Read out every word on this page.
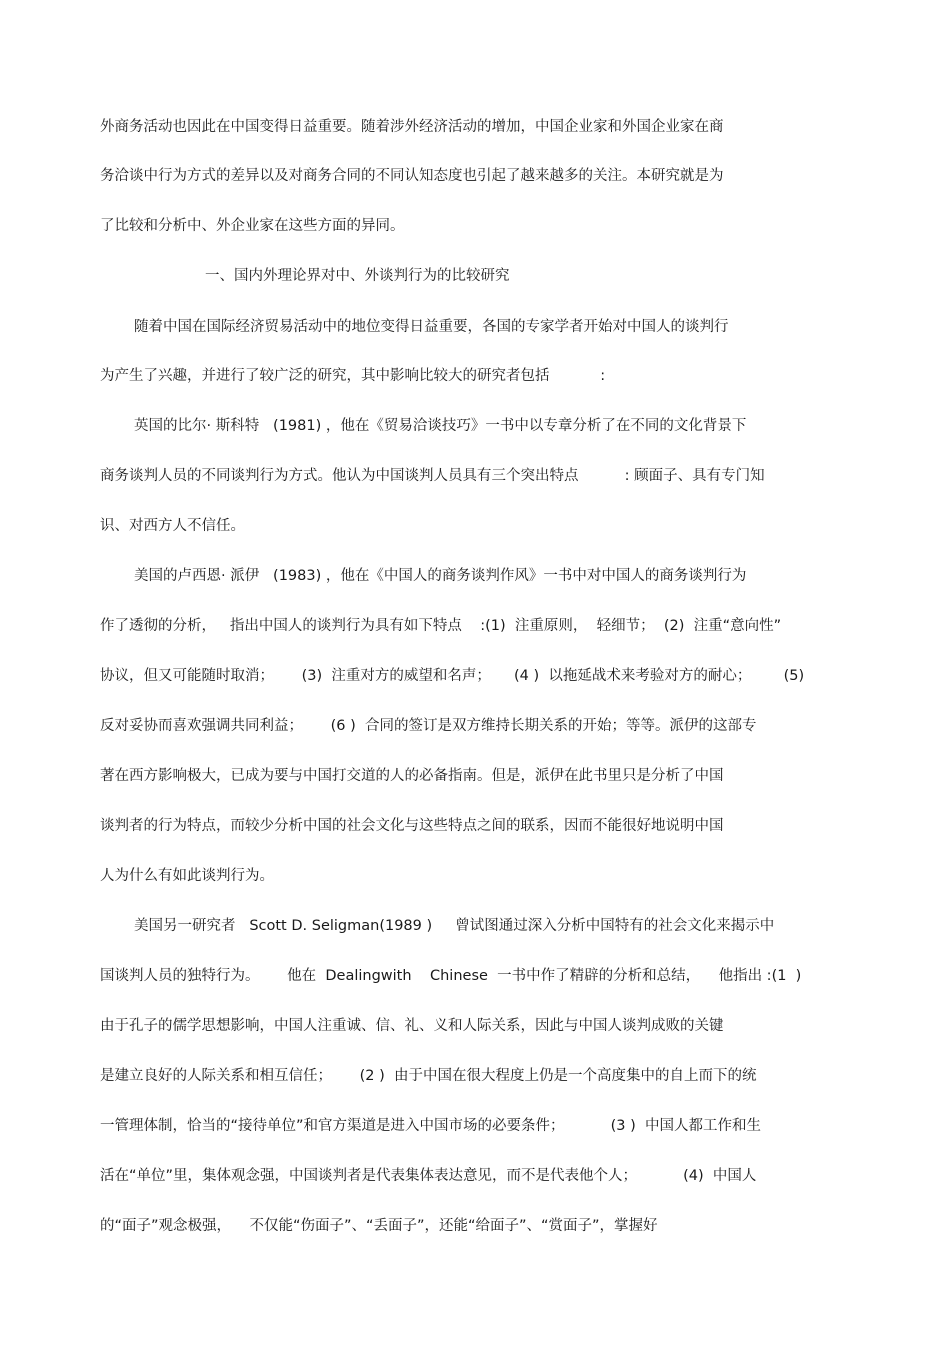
外商务活动也因此在中国变得日益重要。随着涉外经济活动的增加，中国企业家和外国企业家在商
务洽谈中行为方式的差异以及对商务合同的不同认知态度也引起了越来越多的关注。本研究就是为
了比较和分析中、外企业家在这些方面的异同。
一、国内外理论界对中、外谈判行为的比较研究
随着中国在国际经济贸易活动中的地位变得日益重要，各国的专家学者开始对中国人的谈判行
为产生了兴趣，并进行了较广泛的研究，其中影响比较大的研究者包括           :
英国的比尔· 斯科特   (1981) ，他在《贸易洽谈技巧》一书中以专章分析了在不同的文化背景下
商务谈判人员的不同谈判行为方式。他认为中国谈判人员具有三个突出特点          : 顾面子、具有专门知
识、对西方人不信任。
美国的卢西恩· 派伊   (1983) ，他在《中国人的商务谈判作风》一书中对中国人的商务谈判行为
作了透彻的分析，   指出中国人的谈判行为具有如下特点    :(1)  注重原则，  轻细节；  (2)  注重“意向性”
协议，但又可能随时取消；      (3)  注重对方的威望和名声；     (4 )  以拖延战术来考验对方的耐心；       (5)
反对妥协而喜欢强调共同利益；      (6 )  合同的签订是双方维持长期关系的开始；等等。派伊的这部专
著在西方影响极大，已成为要与中国打交道的人的必备指南。但是，派伊在此书里只是分析了中国
谈判者的行为特点，而较少分析中国的社会文化与这些特点之间的联系，因而不能很好地说明中国
人为什么有如此谈判行为。
美国另一研究者   Scott D. Seligman(1989 )     曾试图通过深入分析中国特有的社会文化来揭示中
国谈判人员的独特行为。      他在  Dealingwith    Chinese  一书中作了精辟的分析和总结，    他指出 :(1  )
由于孔子的儒学思想影响，中国人注重诚、信、礼、义和人际关系，因此与中国人谈判成败的关键
是建立良好的人际关系和相互信任；      (2 )  由于中国在很大程度上仍是一个高度集中的自上而下的统
一管理体制，恰当的“接待单位”和官方渠道是进入中国市场的必要条件；          (3 )  中国人都工作和生
活在“单位”里，集体观念强，中国谈判者是代表集体表达意见，而不是代表他个人；          (4)  中国人
的“面子”观念极强，    不仅能“伤面子”、“丢面子”，还能“给面子”、“赏面子”，掌握好
